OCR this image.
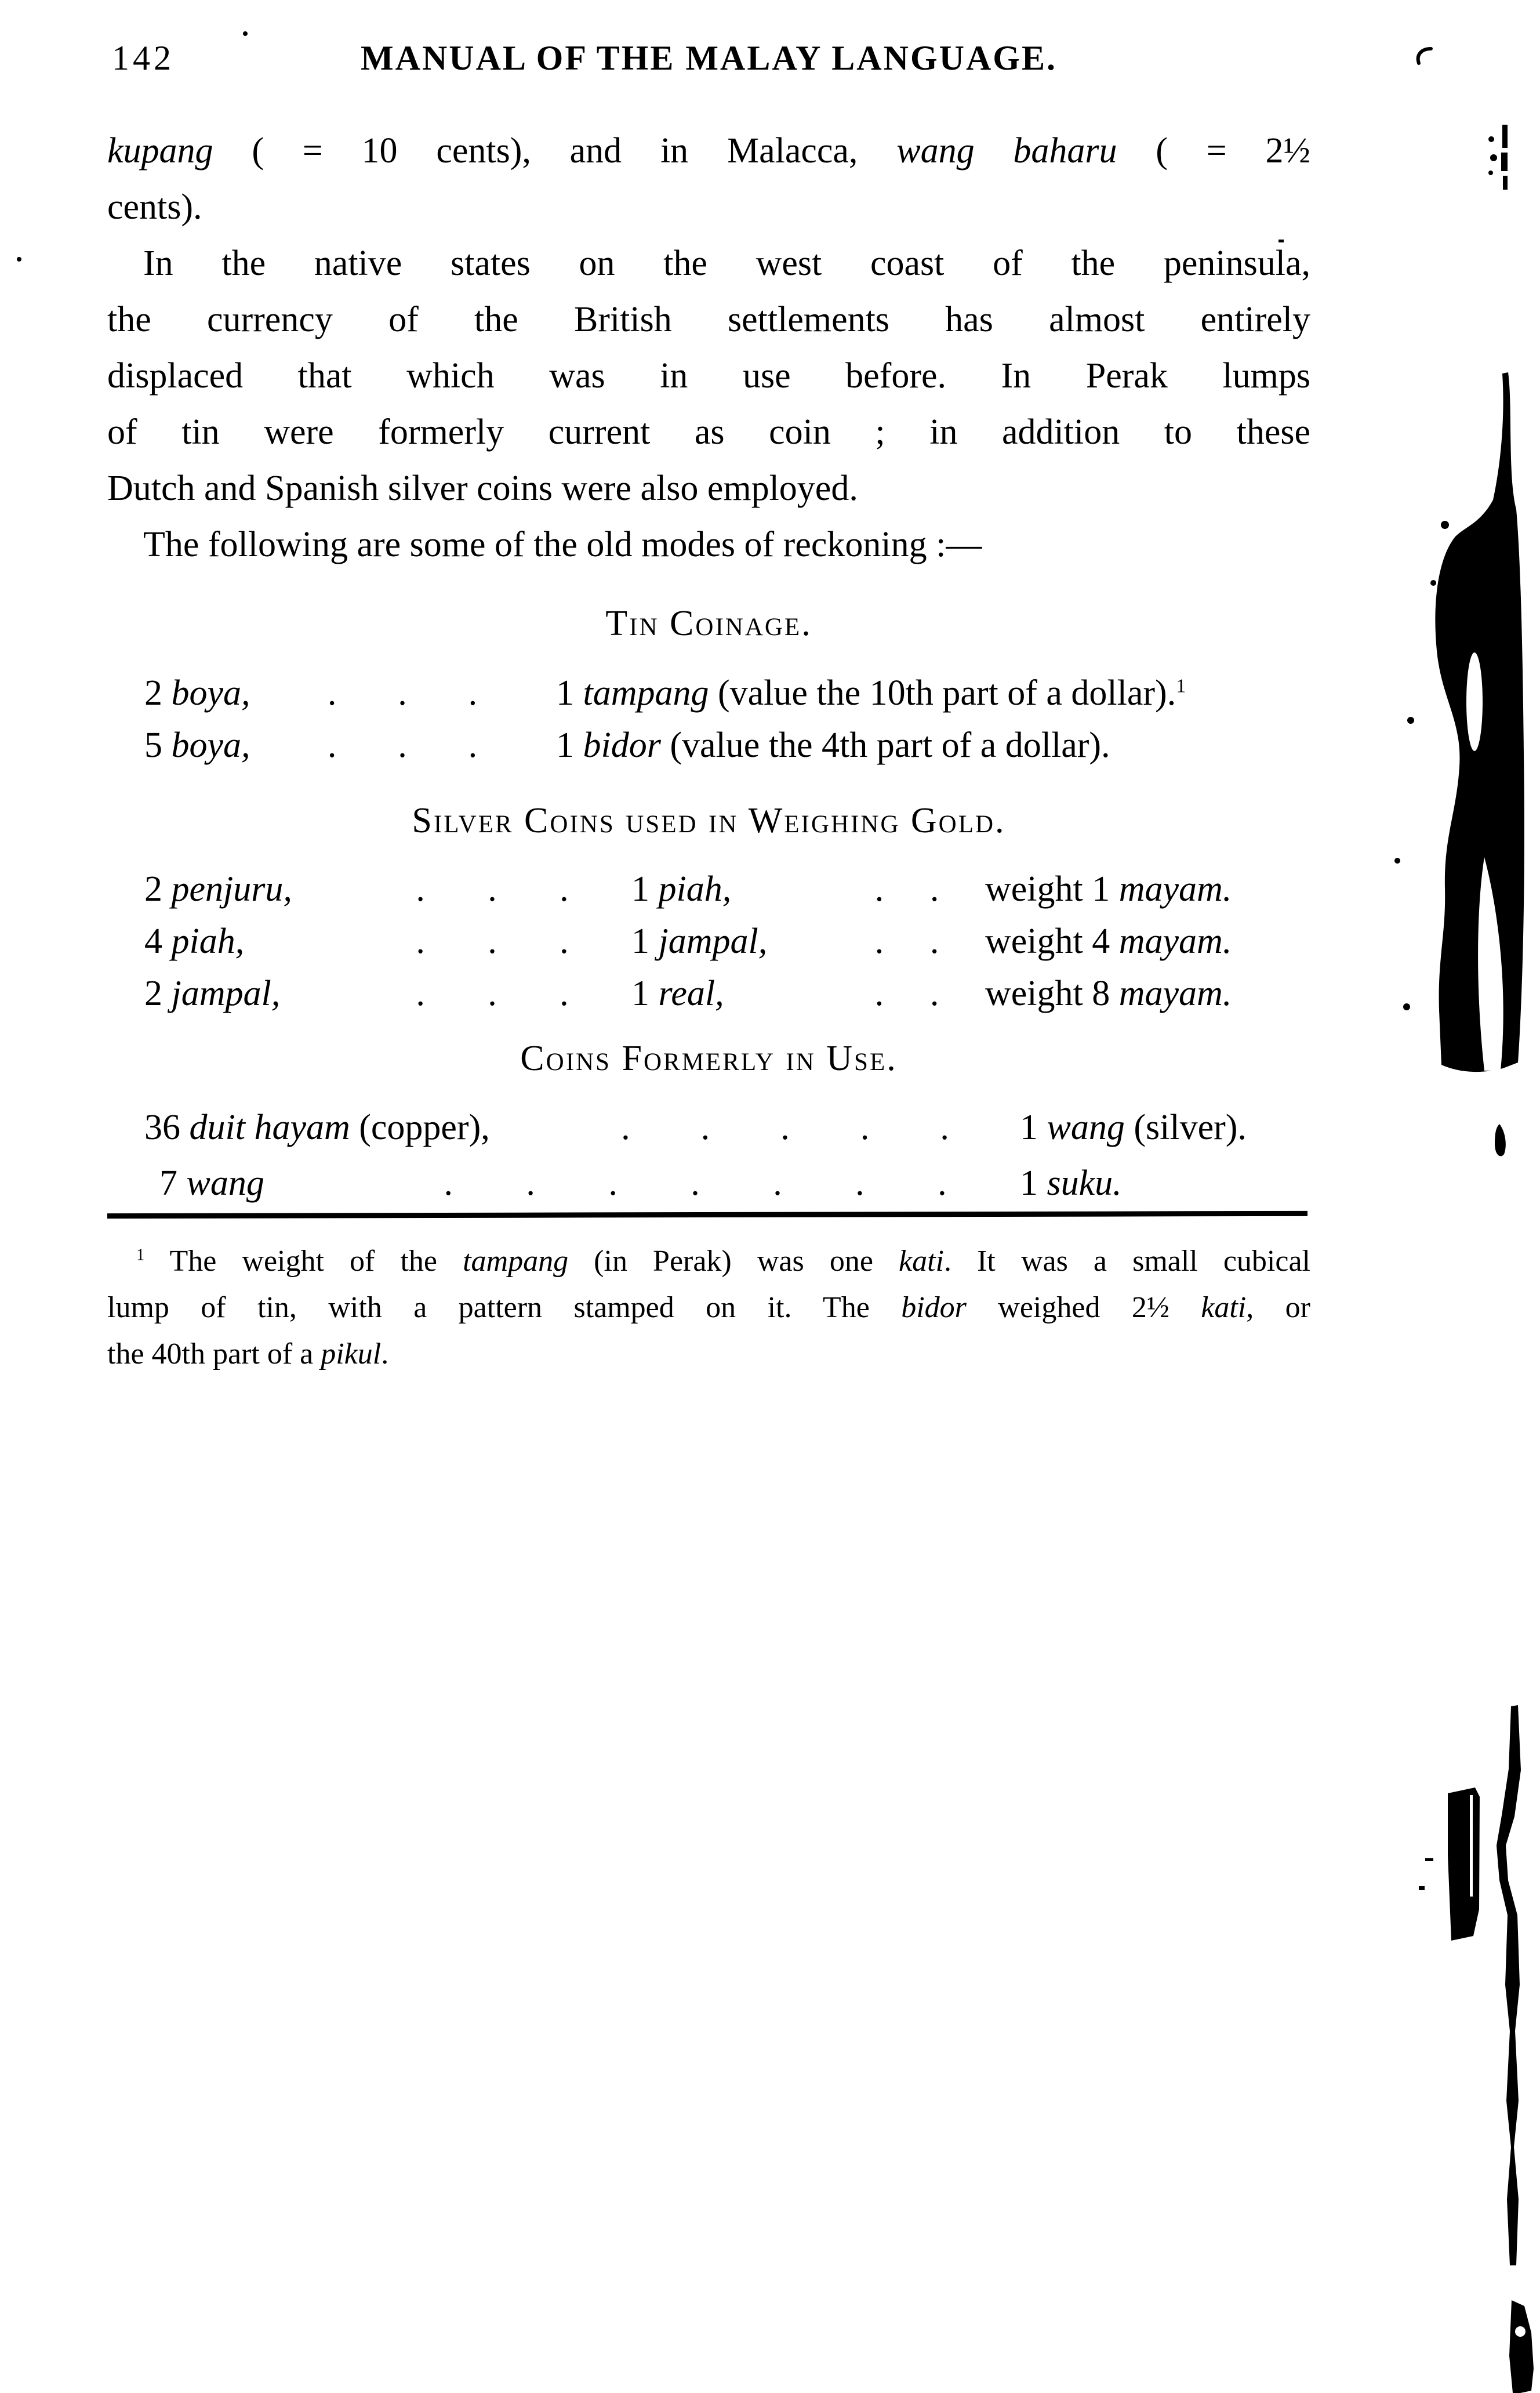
142	MANUAL OF THE MALAY LANGUAGE.
kupang ( = 10 cents), and in Malacca, wang baharu ( = 2½
cents).
In the native states on the west coast of the peninsula,
the currency of the British settlements has almost entirely
displaced that which was in use before. In Perak lumps
of tin were formerly current as coin ; in addition to these
Dutch and Spanish silver coins were also employed.
The following are some of the old modes of reckoning :—
Tin Coinage.
2 boya,	. . . 1 tampang (value the 10th part of a dollar).$^1$
5 boya,	. . . 1 bidor (value the 4th part of a dollar).
Silver Coins used in Weighing Gold.
2 penjuru,	. . . 1 piah,	. . weight 1 mayam.
4 piah,	. . . 1 jampal,	. . weight 4 mayam.
2 jampal,	. . . 1 real,	. . weight 8 mayam.
Coins Formerly in Use.
36 duit hayam (copper),	. . . . . 1 wang (silver).
7 wang	. . . . . . . 1 suku.
$^1$ The weight of the tampang (in Perak) was one kati. It was a small cubical
lump of tin, with a pattern stamped on it. The bidor weighed 2½ kati, or
the 40th part of a pikul.
